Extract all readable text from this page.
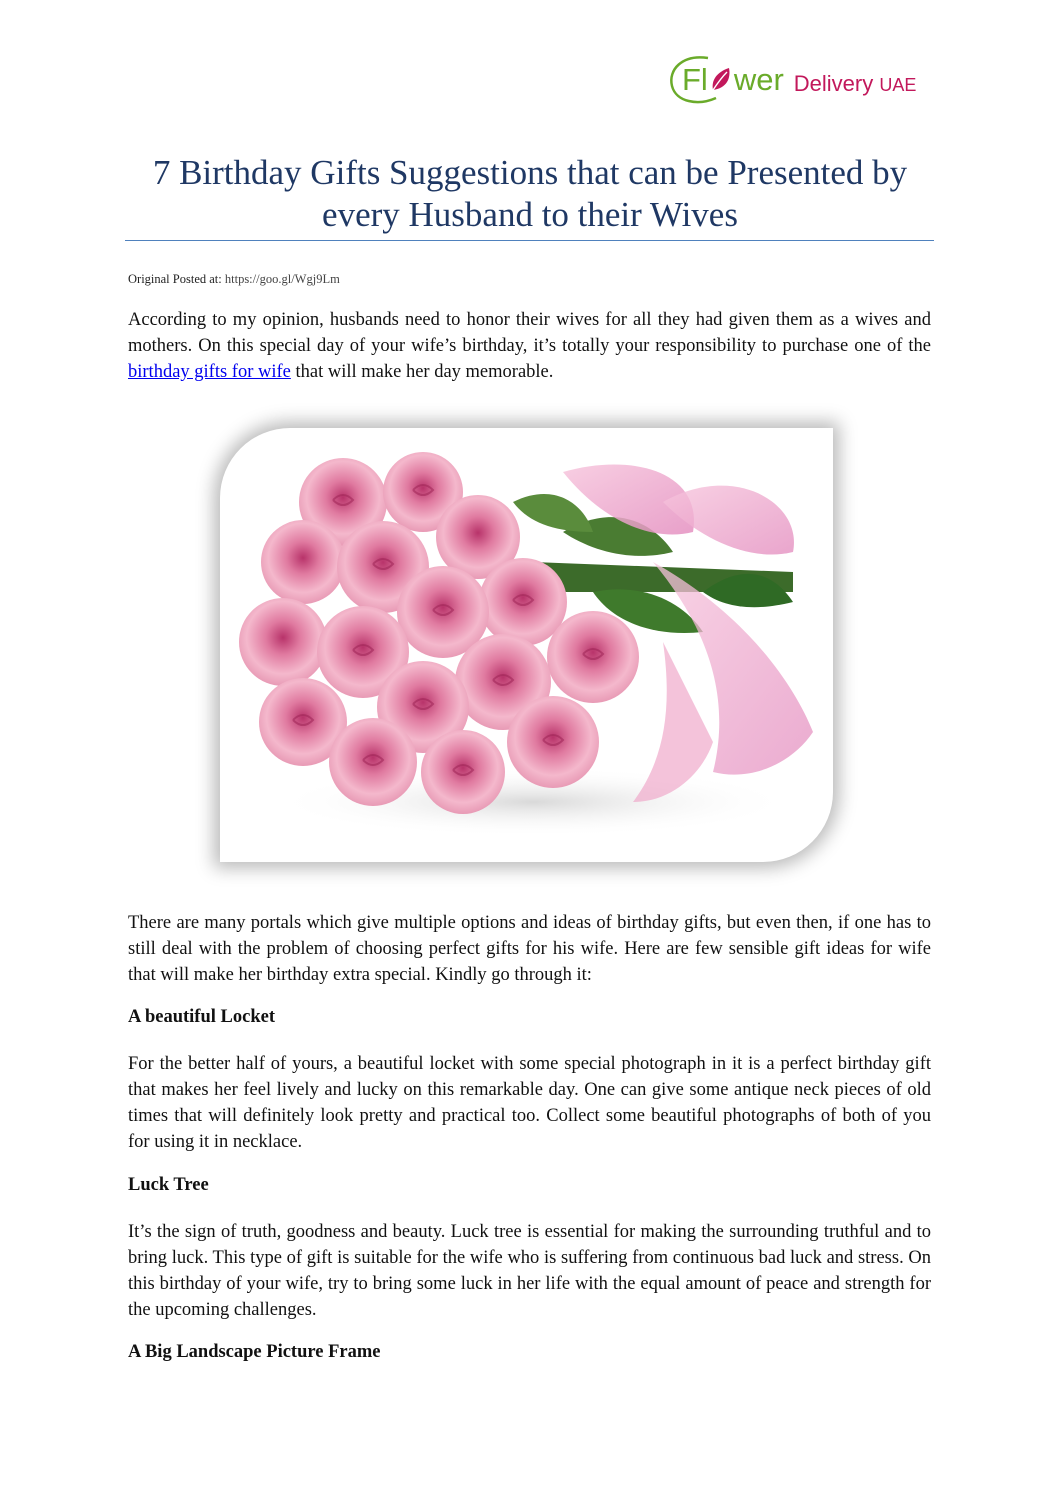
Fl wer Delivery UAE
7 Birthday Gifts Suggestions that can be Presented by every Husband to their Wives
Original Posted at: https://goo.gl/Wgj9Lm

According to my opinion, husbands need to honor their wives for all they had given them as a wives and mothers. On this special day of your wife’s birthday, it’s totally your responsibility to purchase one of the birthday gifts for wife that will make her day memorable.

There are many portals which give multiple options and ideas of birthday gifts, but even then, if one has to still deal with the problem of choosing perfect gifts for his wife. Here are few sensible gift ideas for wife that will make her birthday extra special. Kindly go through it:

A beautiful Locket

For the better half of yours, a beautiful locket with some special photograph in it is a perfect birthday gift that makes her feel lively and lucky on this remarkable day. One can give some antique neck pieces of old times that will definitely look pretty and practical too. Collect some beautiful photographs of both of you for using it in necklace.

Luck Tree

It’s the sign of truth, goodness and beauty. Luck tree is essential for making the surrounding truthful and to bring luck. This type of gift is suitable for the wife who is suffering from continuous bad luck and stress. On this birthday of your wife, try to bring some luck in her life with the equal amount of peace and strength for the upcoming challenges.

A Big Landscape Picture Frame
